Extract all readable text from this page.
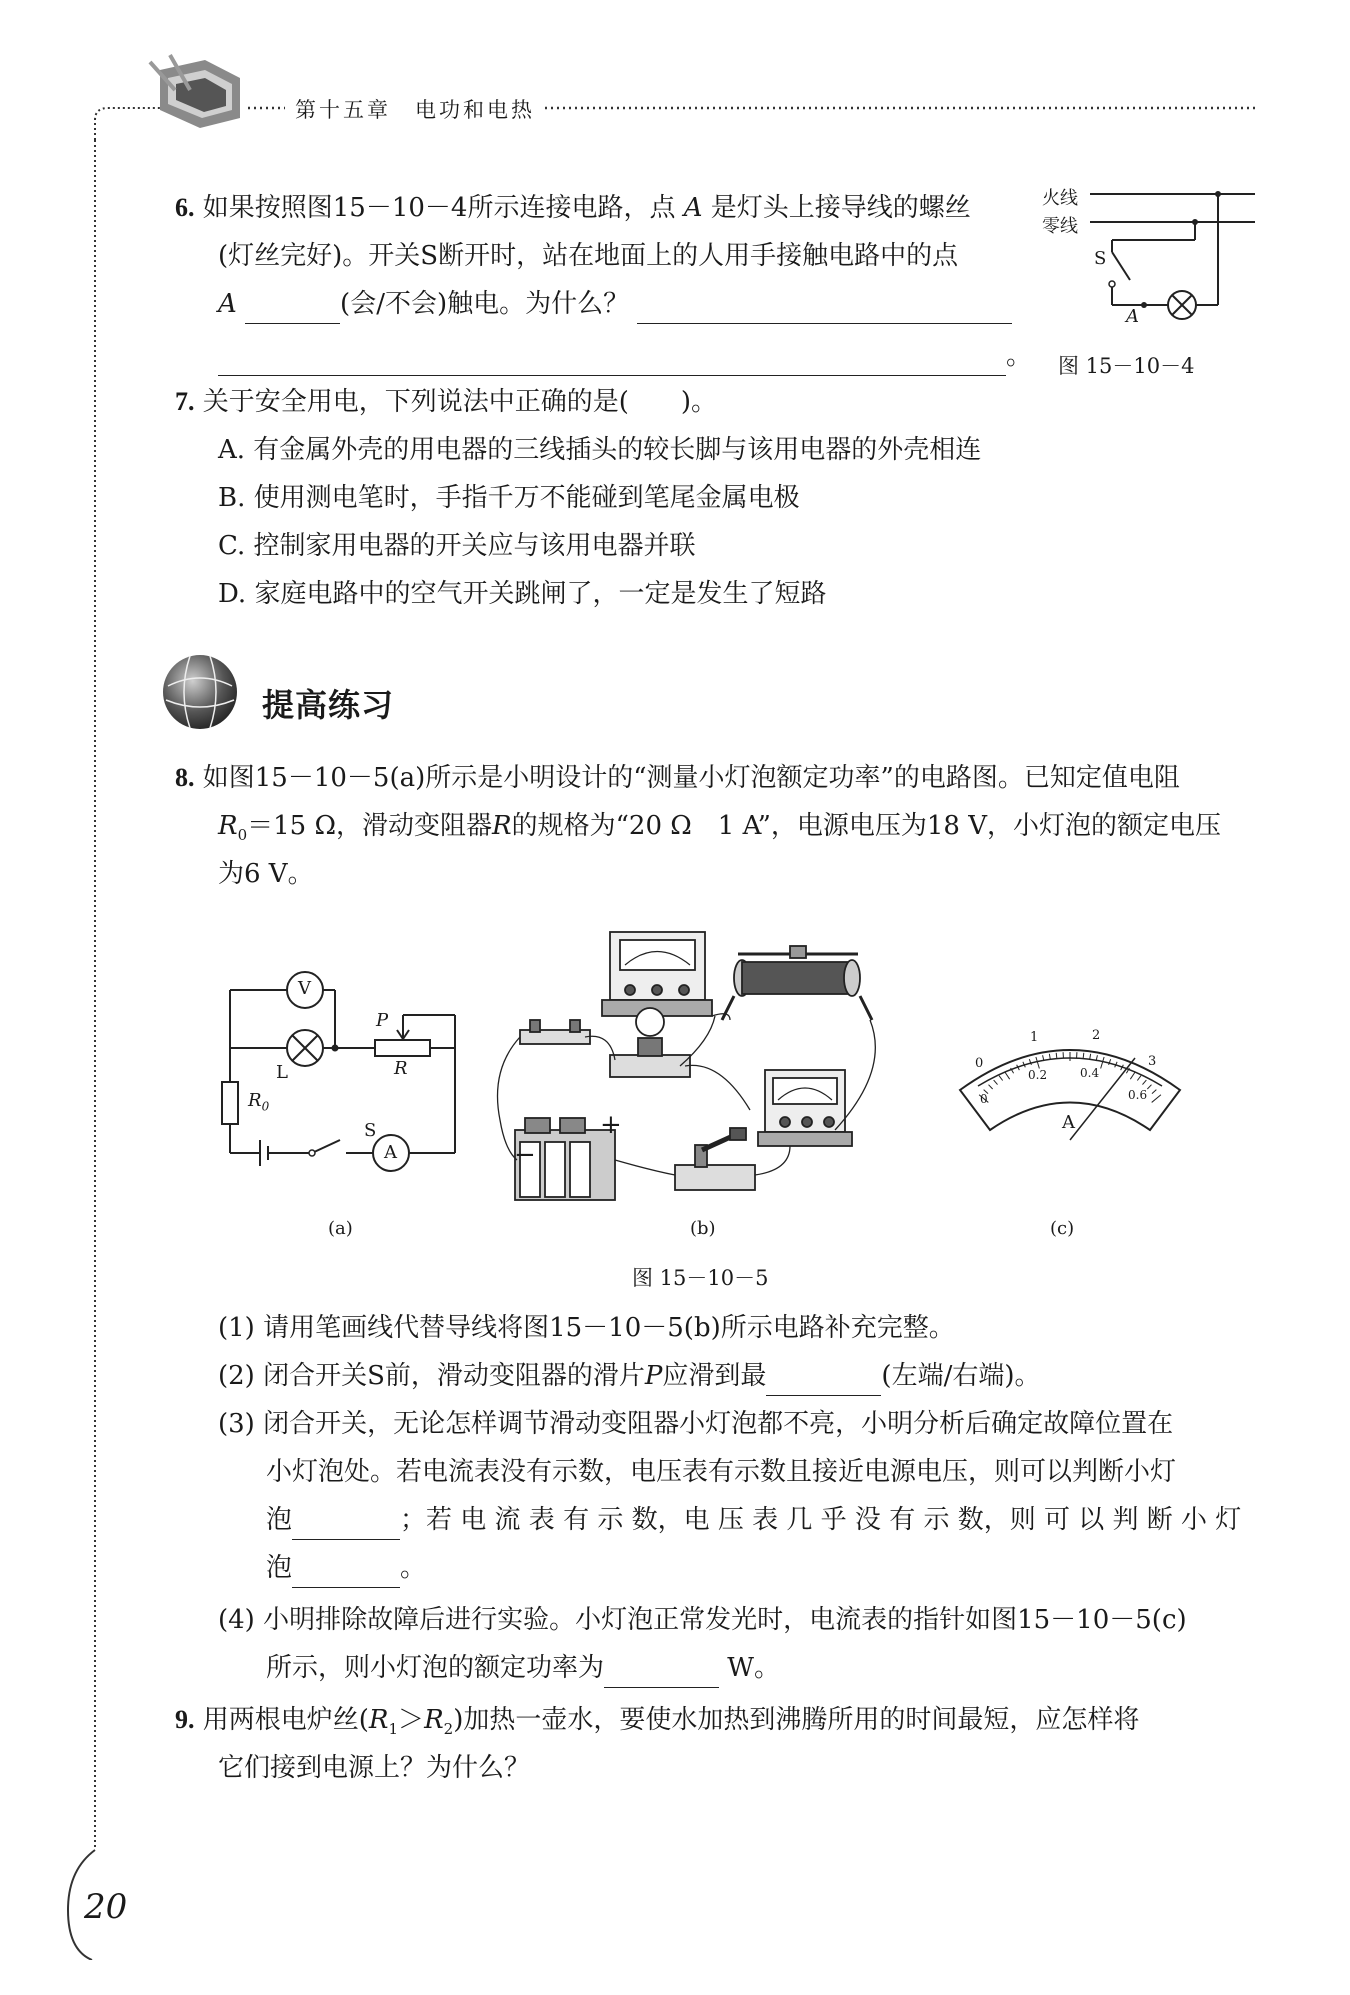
第十五章　电功和电热
20
6. 如果按照图15－10－4所示连接电路，点 A 是灯头上接导线的螺丝
(灯丝完好)。开关S断开时，站在地面上的人用手接触电路中的点
A	(会/不会)触电。为什么？
。
火线
零线
S
A
图 15－10－4
7. 关于安全用电，下列说法中正确的是(　　)。
A. 有金属外壳的用电器的三线插头的较长脚与该用电器的外壳相连
B. 使用测电笔时，手指千万不能碰到笔尾金属电极
C. 控制家用电器的开关应与该用电器并联
D. 家庭电路中的空气开关跳闸了，一定是发生了短路
提高练习
8. 如图15－10－5(a)所示是小明设计的“测量小灯泡额定功率”的电路图。已知定值电阻
$R_0=15$ Ω，滑动变阻器R的规格为“20 Ω　1 A”，电源电压为18 V，小灯泡的额定电压
为6 V。
V
L
P
R
$R_0$
S
A
(a)
+
−
(b)
0
1	2
3
0
0.2	0.4
0.6
A
(c)
图 15－10－5
(1) 请用笔画线代替导线将图15－10－5(b)所示电路补充完整。
(2) 闭合开关S前，滑动变阻器的滑片P应滑到最	(左端/右端)。
(3) 闭合开关，无论怎样调节滑动变阻器小灯泡都不亮，小明分析后确定故障位置在
小灯泡处。若电流表没有示数，电压表有示数且接近电源电压，则可以判断小灯
泡	；若 电 流 表 有 示 数，电 压 表 几 乎 没 有 示 数，则 可 以 判 断 小 灯
泡	。
(4) 小明排除故障后进行实验。小灯泡正常发光时，电流表的指针如图15－10－5(c)
所示，则小灯泡的额定功率为	W。
9. 用两根电炉丝$(R_1>R_2)$加热一壶水，要使水加热到沸腾所用的时间最短，应怎样将
它们接到电源上？为什么？
